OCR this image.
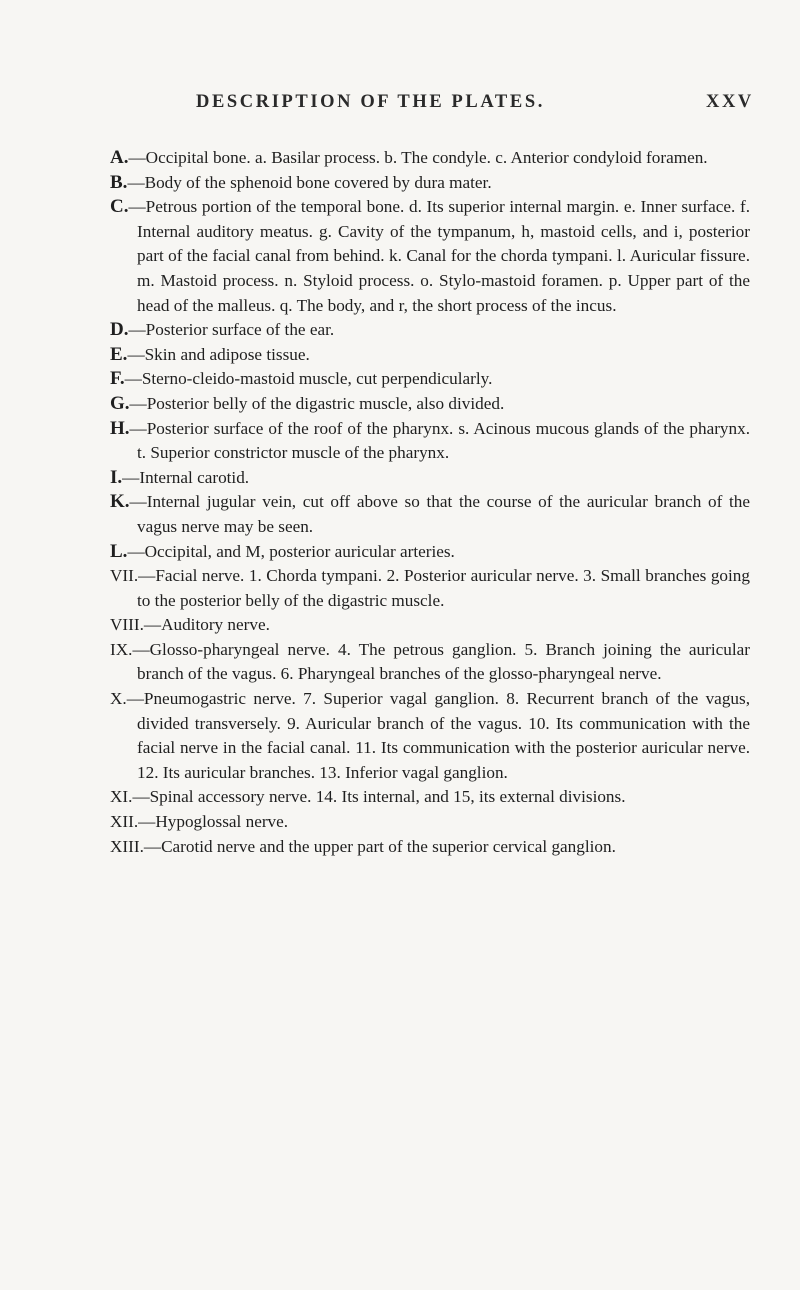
DESCRIPTION OF THE PLATES.	XXV

A.—Occipital bone. a. Basilar process. b. The condyle. c. Anterior condyloid foramen.

B.—Body of the sphenoid bone covered by dura mater.

C.—Petrous portion of the temporal bone. d. Its superior internal margin. e. Inner surface. f. Internal auditory meatus. g. Cavity of the tympanum, h, mastoid cells, and i, posterior part of the facial canal from behind. k. Canal for the chorda tympani. l. Auricular fissure. m. Mastoid process. n. Styloid process. o. Stylo-mastoid foramen. p. Upper part of the head of the malleus. q. The body, and r, the short process of the incus.

D.—Posterior surface of the ear.

E.—Skin and adipose tissue.

F.—Sterno-cleido-mastoid muscle, cut perpendicularly.

G.—Posterior belly of the digastric muscle, also divided.

H.—Posterior surface of the roof of the pharynx. s. Acinous mucous glands of the pharynx. t. Superior constrictor muscle of the pharynx.

I.—Internal carotid.

K.—Internal jugular vein, cut off above so that the course of the auricular branch of the vagus nerve may be seen.

L.—Occipital, and M, posterior auricular arteries.

VII.—Facial nerve. 1. Chorda tympani. 2. Posterior auricular nerve. 3. Small branches going to the posterior belly of the digastric muscle.

VIII.—Auditory nerve.

IX.—Glosso-pharyngeal nerve. 4. The petrous ganglion. 5. Branch joining the auricular branch of the vagus. 6. Pharyngeal branches of the glosso-pharyngeal nerve.

X.—Pneumogastric nerve. 7. Superior vagal ganglion. 8. Recurrent branch of the vagus, divided transversely. 9. Auricular branch of the vagus. 10. Its communication with the facial nerve in the facial canal. 11. Its communication with the posterior auricular nerve. 12. Its auricular branches. 13. Inferior vagal ganglion.

XI.—Spinal accessory nerve. 14. Its internal, and 15, its external divisions.

XII.—Hypoglossal nerve.

XIII.—Carotid nerve and the upper part of the superior cervical ganglion.
